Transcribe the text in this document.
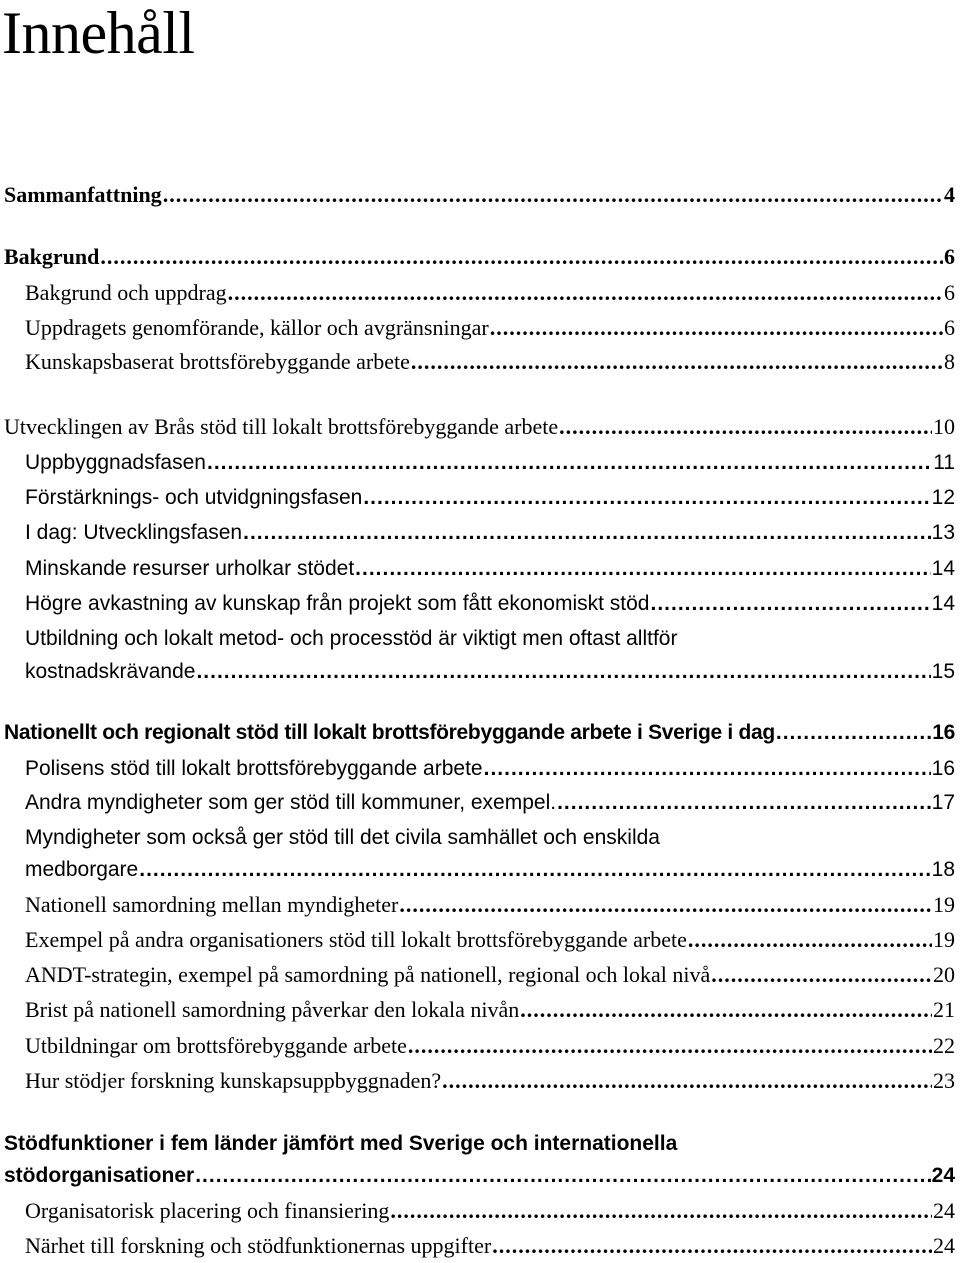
Innehåll
Sammanfattning .....	4
Bakgrund .....	6
Bakgrund och uppdrag .....	6
Uppdragets genomförande, källor och avgränsningar .....	6
Kunskapsbaserat brottsförebyggande arbete .....	8
Utvecklingen av Brås stöd till lokalt brottsförebyggande arbete .....	10
Uppbyggnadsfasen .....	11
Förstärknings- och utvidgningsfasen .....	12
I dag: Utvecklingsfasen .....	13
Minskande resurser urholkar stödet .....	14
Högre avkastning av kunskap från projekt som fått ekonomiskt stöd .....	14
Utbildning och lokalt metod- och processtöd är viktigt men oftast alltför
kostnadskrävande .....	15
Nationellt och regionalt stöd till lokalt brottsförebyggande arbete i Sverige i dag .....	16
Polisens stöd till lokalt brottsförebyggande arbete .....	16
Andra myndigheter som ger stöd till kommuner, exempel. .....	17
Myndigheter som också ger stöd till det civila samhället och enskilda
medborgare .....	18
Nationell samordning mellan myndigheter .....	19
Exempel på andra organisationers stöd till lokalt brottsförebyggande arbete .....	19
ANDT-strategin, exempel på samordning på nationell, regional och lokal nivå .....	20
Brist på nationell samordning påverkar den lokala nivån .....	21
Utbildningar om brottsförebyggande arbete .....	22
Hur stödjer forskning kunskapsuppbyggnaden? .....	23
Stödfunktioner i fem länder jämfört med Sverige och internationella
stödorganisationer .....	24
Organisatorisk placering och finansiering .....	24
Närhet till forskning och stödfunktionernas uppgifter .....	24
